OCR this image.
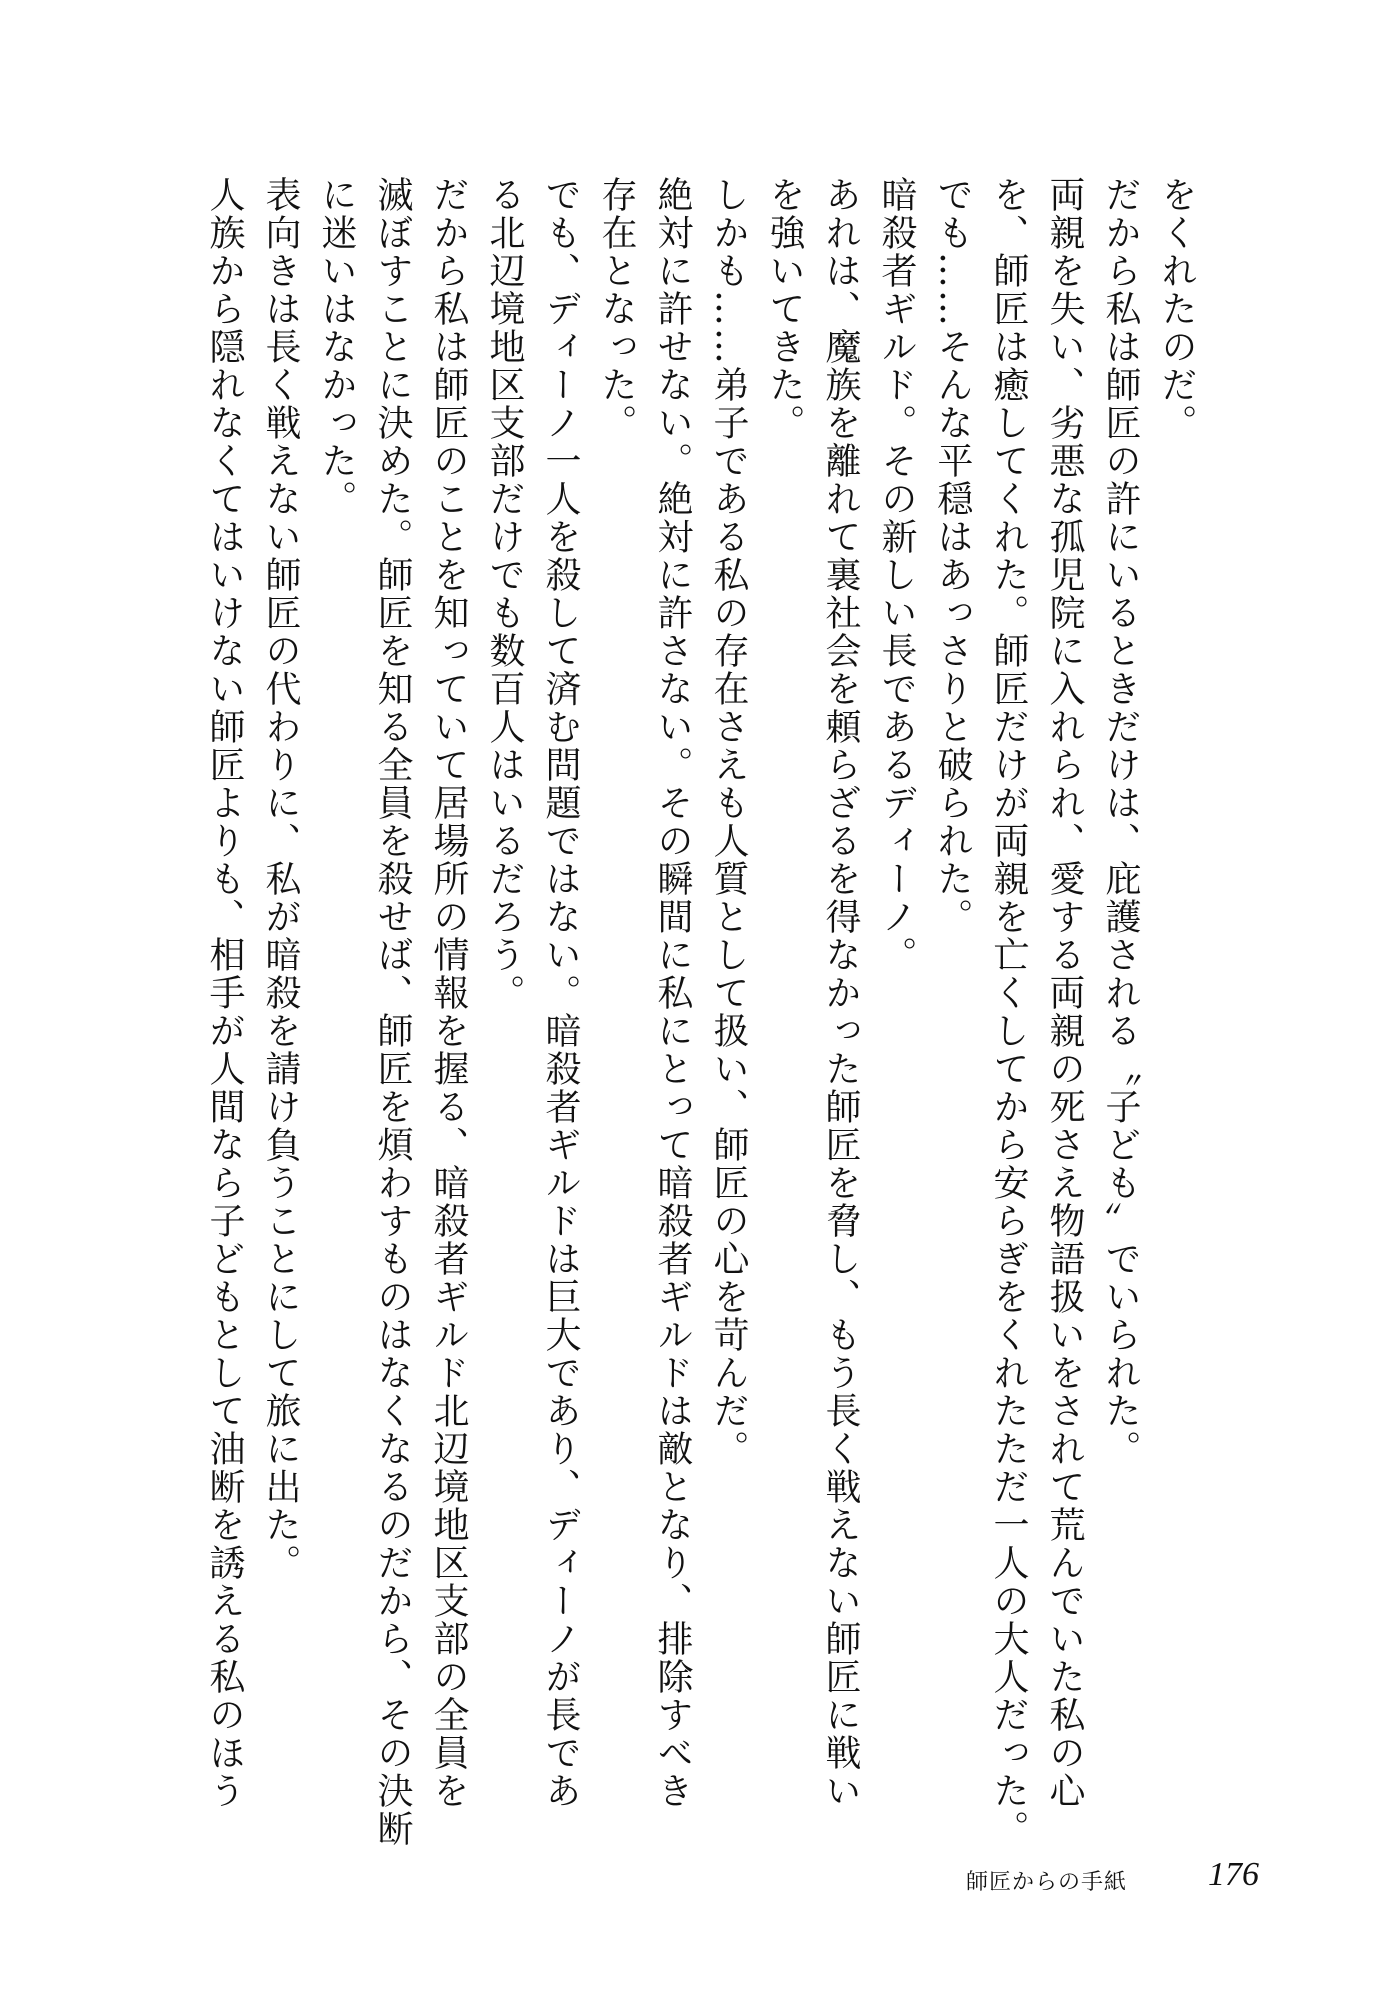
をくれたのだ。

だから私は師匠の許にいるときだけは、庇護される〝子ども〟でいられた。

両親を失い、劣悪な孤児院に入れられ、愛する両親の死さえ物語扱いをされて荒んでいた私の心

を、師匠は癒してくれた。師匠だけが両親を亡くしてから安らぎをくれたただ一人の大人だった。

でも……そんな平穏はあっさりと破られた。

暗殺者ギルド。その新しい長であるディーノ。

あれは、魔族を離れて裏社会を頼らざるを得なかった師匠を脅し、もう長く戦えない師匠に戦い

を強いてきた。

しかも……弟子である私の存在さえも人質として扱い、師匠の心を苛んだ。

絶対に許せない。絶対に許さない。その瞬間に私にとって暗殺者ギルドは敵となり、排除すべき

存在となった。

でも、ディーノ一人を殺して済む問題ではない。暗殺者ギルドは巨大であり、ディーノが長であ

る北辺境地区支部だけでも数百人はいるだろう。

だから私は師匠のことを知っていて居場所の情報を握る、暗殺者ギルド北辺境地区支部の全員を

滅ぼすことに決めた。師匠を知る全員を殺せば、師匠を煩わすものはなくなるのだから、その決断

に迷いはなかった。

表向きは長く戦えない師匠の代わりに、私が暗殺を請け負うことにして旅に出た。

人族から隠れなくてはいけない師匠よりも、相手が人間なら子どもとして油断を誘える私のほう

師匠からの手紙 176
